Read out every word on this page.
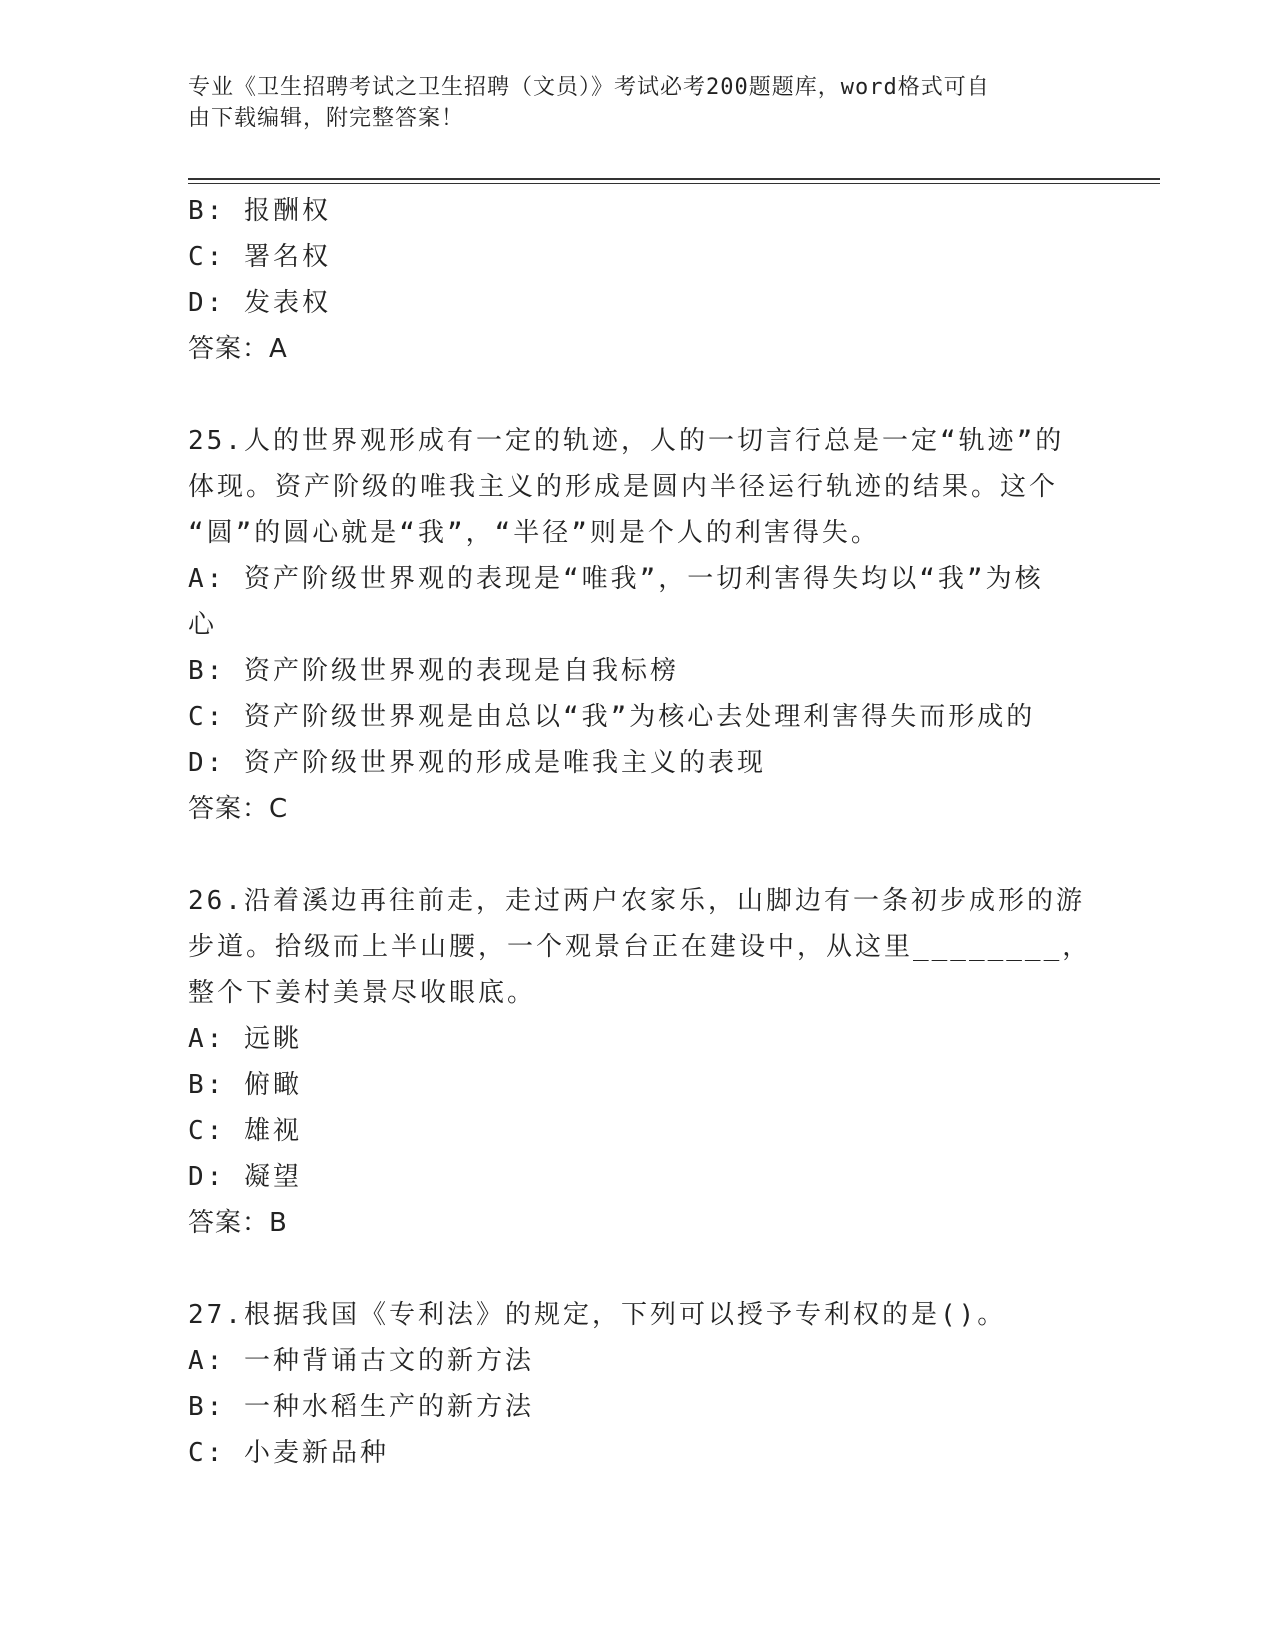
专业《卫生招聘考试之卫生招聘（文员）》考试必考200题题库，word格式可自
由下载编辑，附完整答案！
B: 报酬权
C: 署名权
D: 发表权
答案：A
25.人的世界观形成有一定的轨迹，人的一切言行总是一定“轨迹”的
体现。资产阶级的唯我主义的形成是圆内半径运行轨迹的结果。这个
“圆”的圆心就是“我”，“半径”则是个人的利害得失。
A: 资产阶级世界观的表现是“唯我”，一切利害得失均以“我”为核
心
B: 资产阶级世界观的表现是自我标榜
C: 资产阶级世界观是由总以“我”为核心去处理利害得失而形成的
D: 资产阶级世界观的形成是唯我主义的表现
答案：C
26.沿着溪边再往前走，走过两户农家乐，山脚边有一条初步成形的游
步道。拾级而上半山腰，一个观景台正在建设中，从这里________，
整个下姜村美景尽收眼底。
A: 远眺
B: 俯瞰
C: 雄视
D: 凝望
答案：B
27.根据我国《专利法》的规定，下列可以授予专利权的是()。
A: 一种背诵古文的新方法
B: 一种水稻生产的新方法
C: 小麦新品种
